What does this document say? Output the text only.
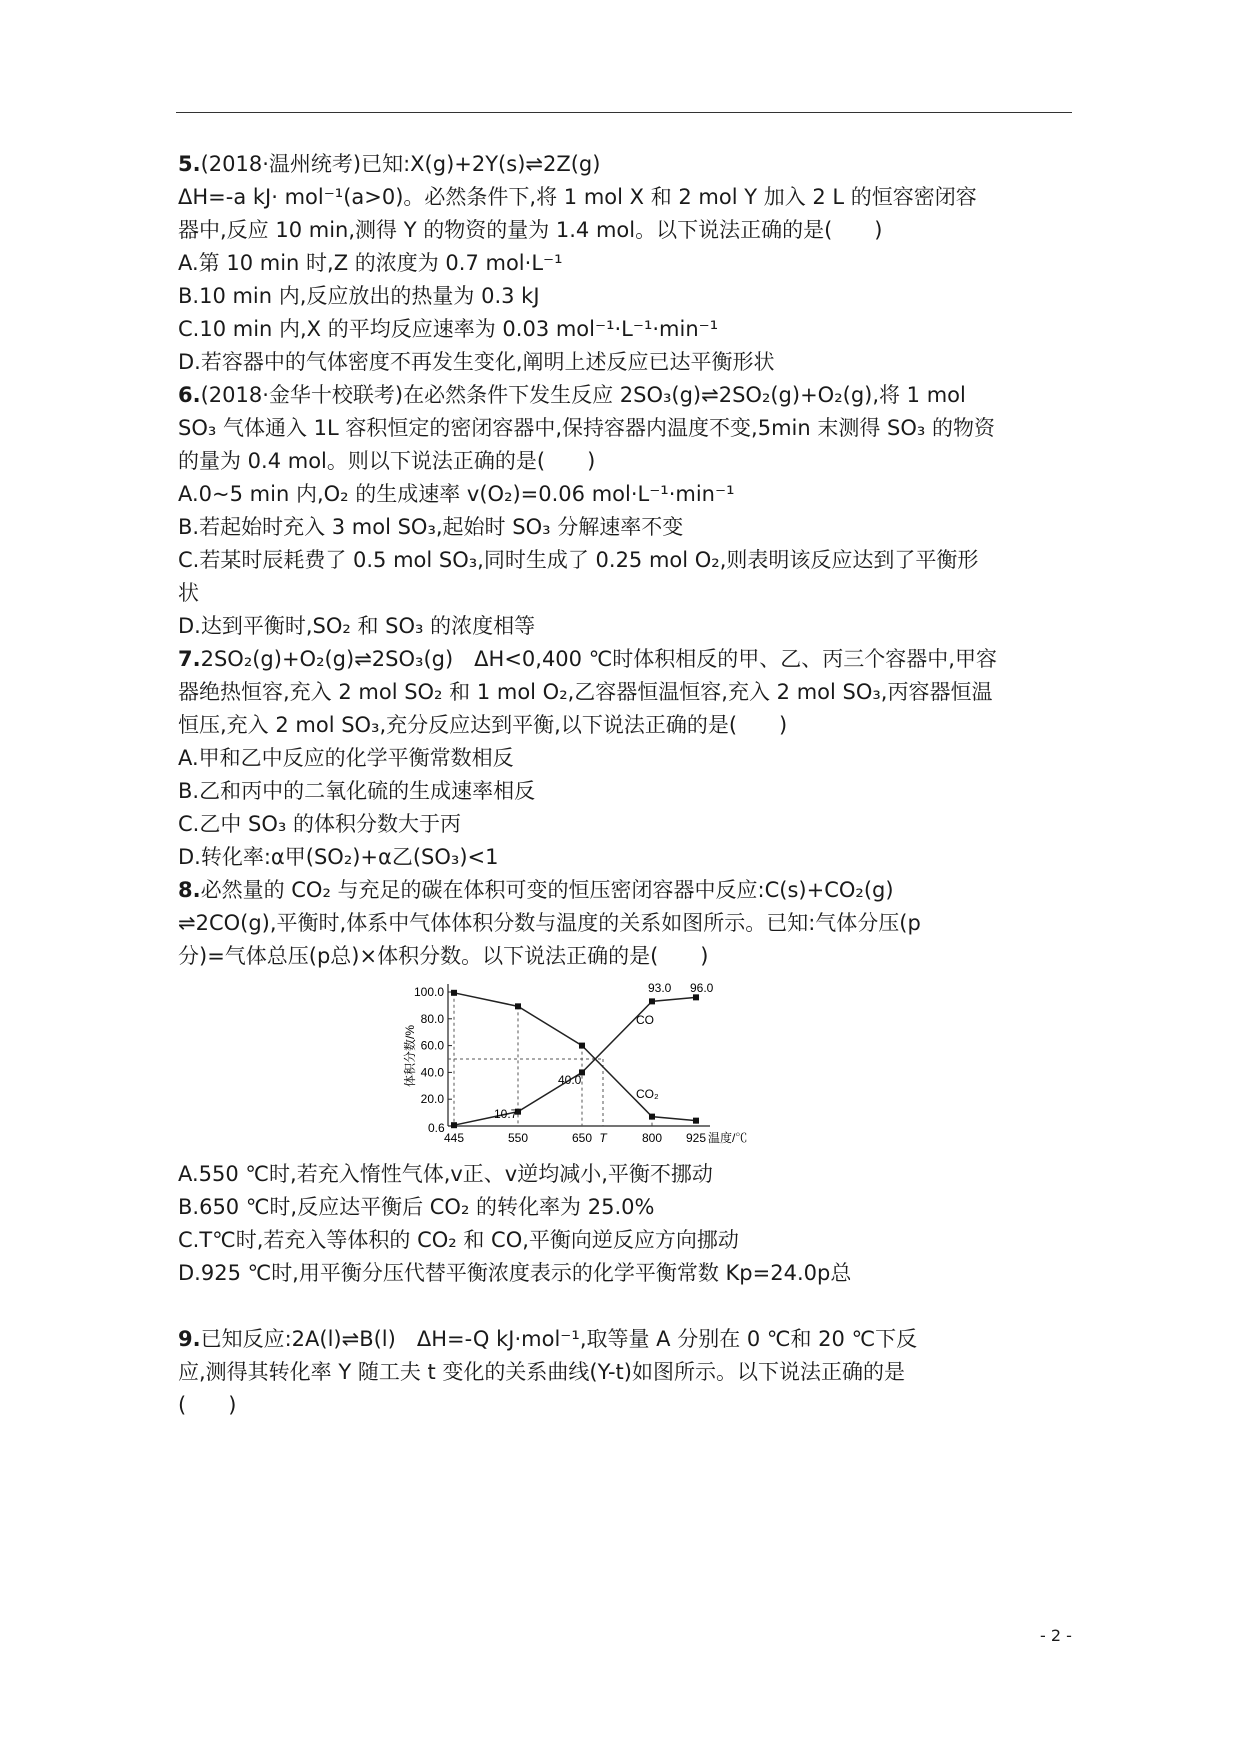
5.(2018·温州统考)已知:X(g)+2Y(s)⇌2Z(g)
ΔH=-a kJ· mol⁻¹(a>0)。必然条件下,将 1 mol X 和 2 mol Y 加入 2 L 的恒容密闭容
器中,反应 10 min,测得 Y 的物资的量为 1.4 mol。以下说法正确的是(　　)
A.第 10 min 时,Z 的浓度为 0.7 mol·L⁻¹
B.10 min 内,反应放出的热量为 0.3 kJ
C.10 min 内,X 的平均反应速率为 0.03 mol⁻¹·L⁻¹·min⁻¹
D.若容器中的气体密度不再发生变化,阐明上述反应已达平衡形状
6.(2018·金华十校联考)在必然条件下发生反应 2SO₃(g)⇌2SO₂(g)+O₂(g),将 1 mol
SO₃ 气体通入 1L 容积恒定的密闭容器中,保持容器内温度不变,5min 末测得 SO₃ 的物资
的量为 0.4 mol。则以下说法正确的是(　　)
A.0~5 min 内,O₂ 的生成速率 v(O₂)=0.06 mol·L⁻¹·min⁻¹
B.若起始时充入 3 mol SO₃,起始时 SO₃ 分解速率不变
C.若某时辰耗费了 0.5 mol SO₃,同时生成了 0.25 mol O₂,则表明该反应达到了平衡形
状
D.达到平衡时,SO₂ 和 SO₃ 的浓度相等
7.2SO₂(g)+O₂(g)⇌2SO₃(g)　ΔH<0,400 ℃时体积相反的甲、乙、丙三个容器中,甲容
器绝热恒容,充入 2 mol SO₂ 和 1 mol O₂,乙容器恒温恒容,充入 2 mol SO₃,丙容器恒温
恒压,充入 2 mol SO₃,充分反应达到平衡,以下说法正确的是(　　)
A.甲和乙中反应的化学平衡常数相反
B.乙和丙中的二氧化硫的生成速率相反
C.乙中 SO₃ 的体积分数大于丙
D.转化率:α甲(SO₂)+α乙(SO₃)<1
8.必然量的 CO₂ 与充足的碳在体积可变的恒压密闭容器中反应:C(s)+CO₂(g)
⇌2CO(g),平衡时,体系中气体体积分数与温度的关系如图所示。已知:气体分压(p
分)=气体总压(p总)×体积分数。以下说法正确的是(　　)
20.0
40.0
60.0
80.0
100.0
445	550	650 T	800 925
体积分数/%
温度/℃
CO
CO₂
0.6
10.7
40.0
93.0 96.0
A.550 ℃时,若充入惰性气体,v正、v逆均减小,平衡不挪动
B.650 ℃时,反应达平衡后 CO₂ 的转化率为 25.0%
C.T℃时,若充入等体积的 CO₂ 和 CO,平衡向逆反应方向挪动
D.925 ℃时,用平衡分压代替平衡浓度表示的化学平衡常数 Kp=24.0p总
9.已知反应:2A(l)⇌B(l)　ΔH=-Q kJ·mol⁻¹,取等量 A 分别在 0 ℃和 20 ℃下反
应,测得其转化率 Y 随工夫 t 变化的关系曲线(Y-t)如图所示。以下说法正确的是
(　　)
- 2 -
